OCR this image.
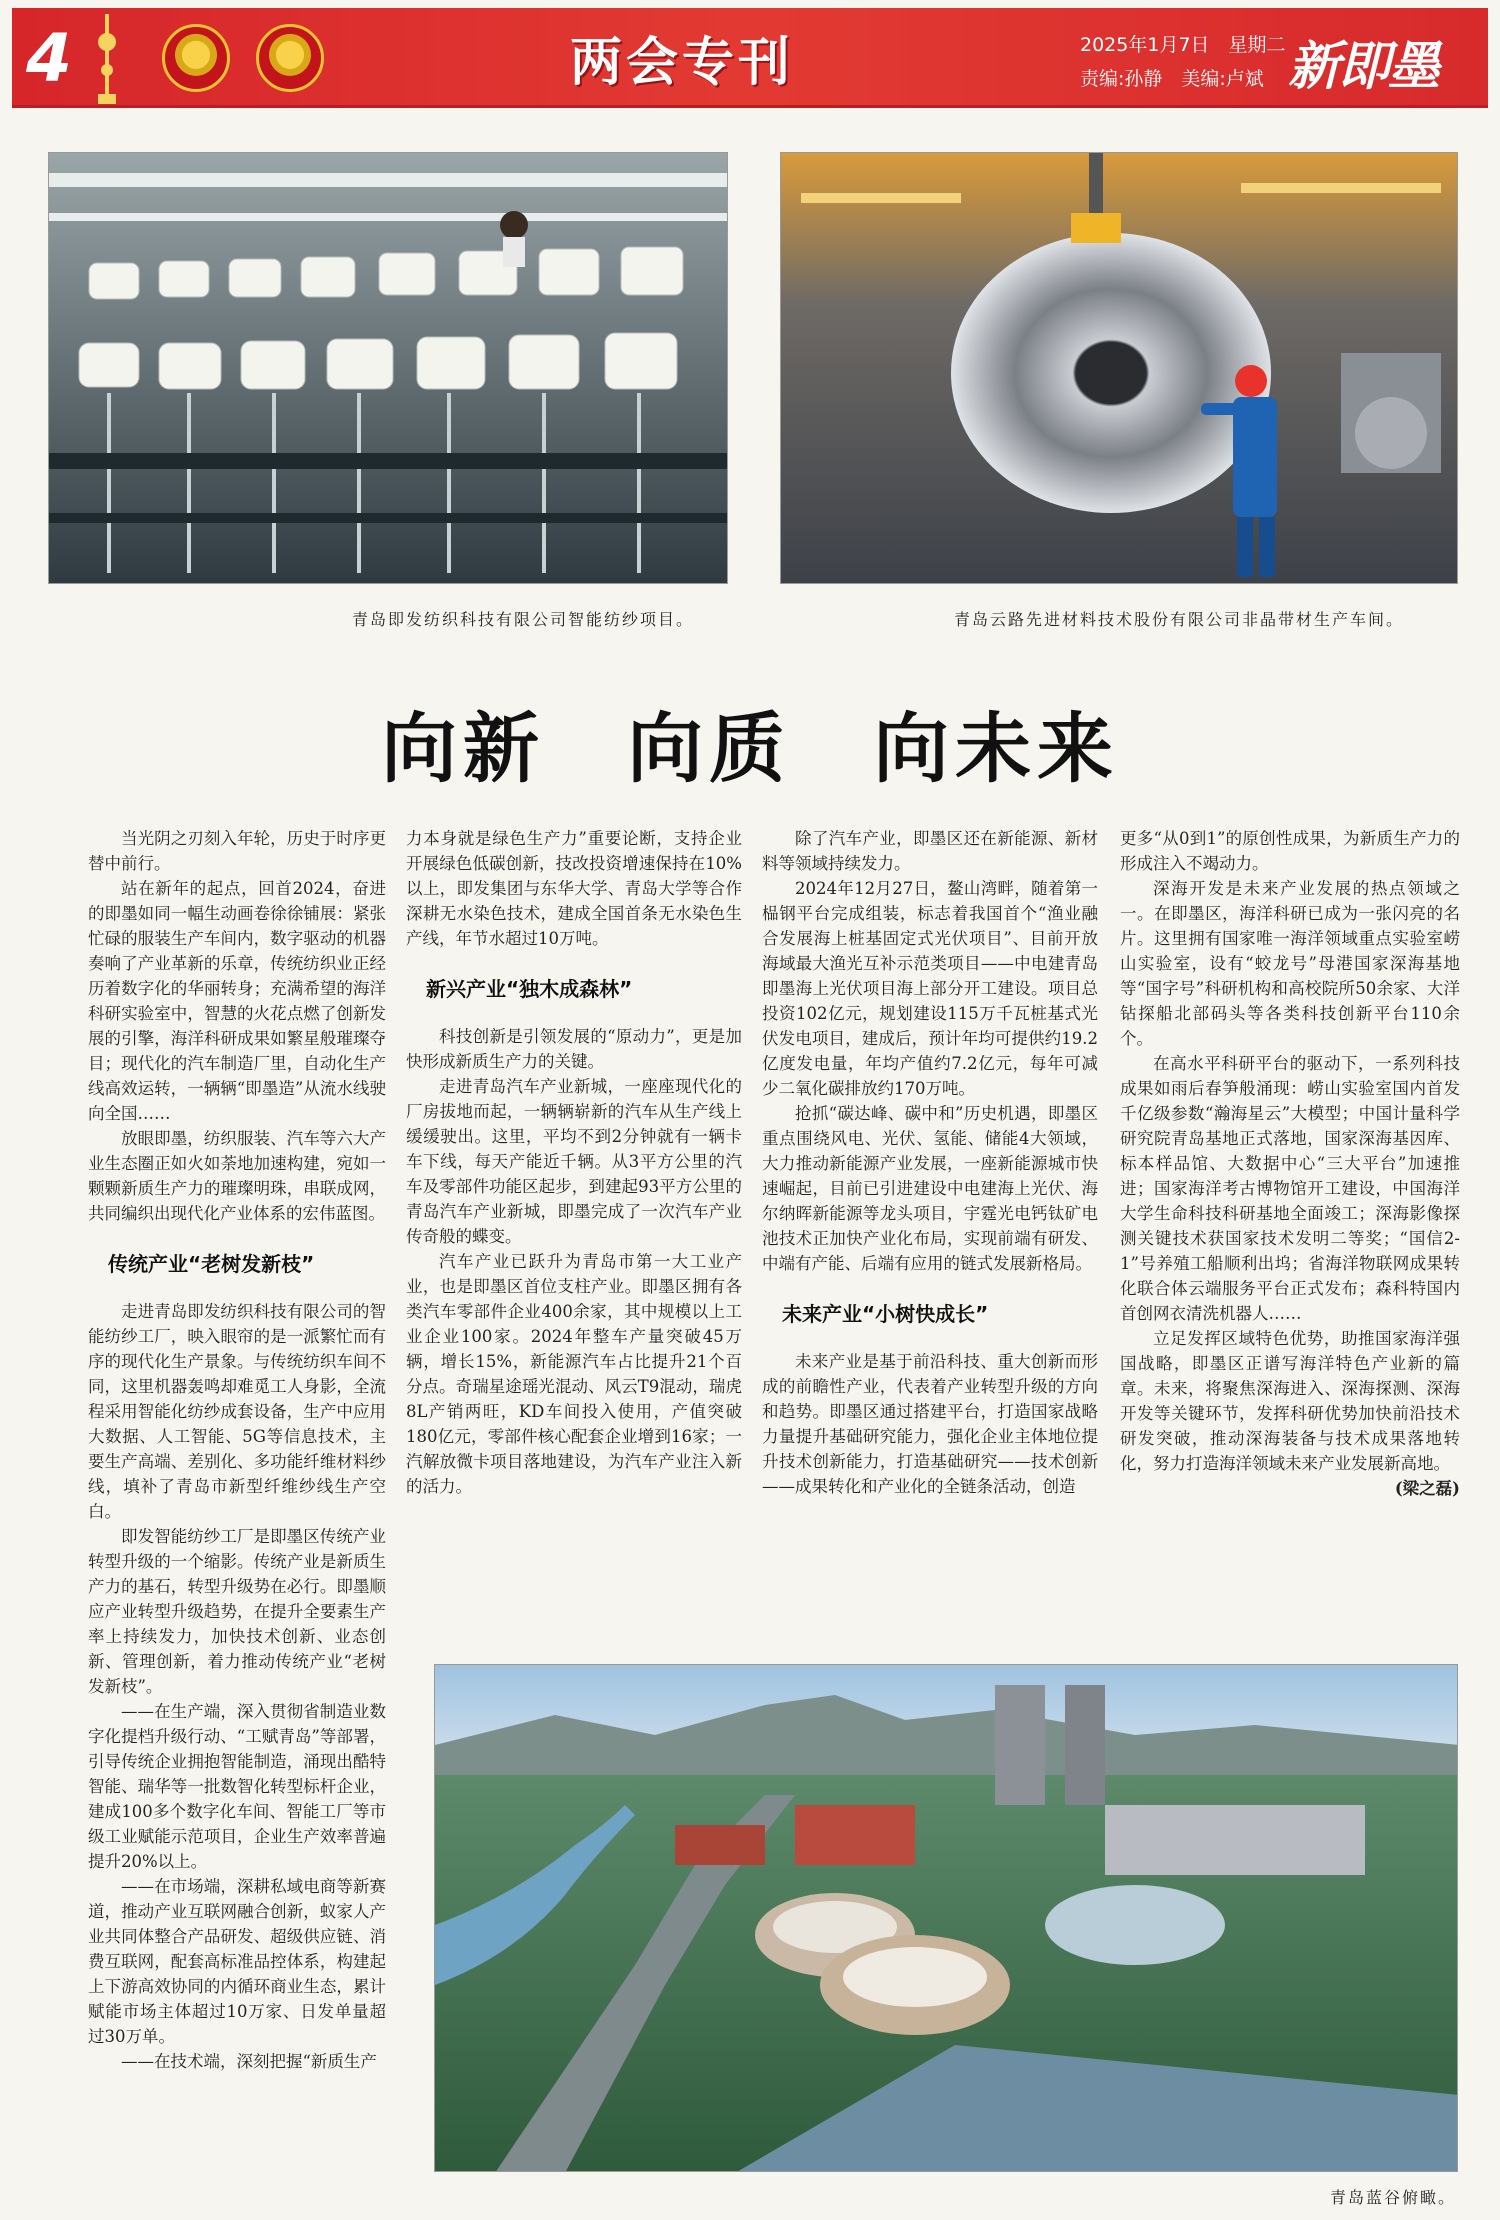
4	两会专刊	2025年1月7日　星期二
责编:孙静　美编:卢斌 新即墨
青岛即发纺织科技有限公司智能纺纱项目。	青岛云路先进材料技术股份有限公司非晶带材生产车间。
向新　向质　向未来

当光阴之刃刻入年轮，历史于时序更替中前行。

站在新年的起点，回首2024，奋进的即墨如同一幅生动画卷徐徐铺展：紧张忙碌的服装生产车间内，数字驱动的机器奏响了产业革新的乐章，传统纺织业正经历着数字化的华丽转身；充满希望的海洋科研实验室中，智慧的火花点燃了创新发展的引擎，海洋科研成果如繁星般璀璨夺目；现代化的汽车制造厂里，自动化生产线高效运转，一辆辆“即墨造”从流水线驶向全国……

放眼即墨，纺织服装、汽车等六大产业生态圈正如火如荼地加速构建，宛如一颗颗新质生产力的璀璨明珠，串联成网，共同编织出现代化产业体系的宏伟蓝图。

传统产业“老树发新枝”

走进青岛即发纺织科技有限公司的智能纺纱工厂，映入眼帘的是一派繁忙而有序的现代化生产景象。与传统纺织车间不同，这里机器轰鸣却难觅工人身影，全流程采用智能化纺纱成套设备，生产中应用大数据、人工智能、5G等信息技术，主要生产高端、差别化、多功能纤维材料纱线，填补了青岛市新型纤维纱线生产空白。

即发智能纺纱工厂是即墨区传统产业转型升级的一个缩影。传统产业是新质生产力的基石，转型升级势在必行。即墨顺应产业转型升级趋势，在提升全要素生产率上持续发力，加快技术创新、业态创新、管理创新，着力推动传统产业“老树发新枝”。

——在生产端，深入贯彻省制造业数字化提档升级行动、“工赋青岛”等部署，引导传统企业拥抱智能制造，涌现出酷特智能、瑞华等一批数智化转型标杆企业，建成100多个数字化车间、智能工厂等市级工业赋能示范项目，企业生产效率普遍提升20%以上。

——在市场端，深耕私域电商等新赛道，推动产业互联网融合创新，蚁家人产业共同体整合产品研发、超级供应链、消费互联网，配套高标准品控体系，构建起上下游高效协同的内循环商业生态，累计赋能市场主体超过10万家、日发单量超过30万单。

——在技术端，深刻把握“新质生产

力本身就是绿色生产力”重要论断，支持企业开展绿色低碳创新，技改投资增速保持在10%以上，即发集团与东华大学、青岛大学等合作深耕无水染色技术，建成全国首条无水染色生产线，年节水超过10万吨。

新兴产业“独木成森林”

科技创新是引领发展的“原动力”，更是加快形成新质生产力的关键。

走进青岛汽车产业新城，一座座现代化的厂房拔地而起，一辆辆崭新的汽车从生产线上缓缓驶出。这里，平均不到2分钟就有一辆卡车下线，每天产能近千辆。从3平方公里的汽车及零部件功能区起步，到建起93平方公里的青岛汽车产业新城，即墨完成了一次汽车产业传奇般的蝶变。

汽车产业已跃升为青岛市第一大工业产业，也是即墨区首位支柱产业。即墨区拥有各类汽车零部件企业400余家，其中规模以上工业企业100家。2024年整车产量突破45万辆，增长15%，新能源汽车占比提升21个百分点。奇瑞星途瑶光混动、风云T9混动，瑞虎8L产销两旺，KD车间投入使用，产值突破180亿元，零部件核心配套企业增到16家；一汽解放微卡项目落地建设，为汽车产业注入新的活力。

除了汽车产业，即墨区还在新能源、新材料等领域持续发力。

2024年12月27日，鳌山湾畔，随着第一榀钢平台完成组装，标志着我国首个“渔业融合发展海上桩基固定式光伏项目”、目前开放海域最大渔光互补示范类项目——中电建青岛即墨海上光伏项目海上部分开工建设。项目总投资102亿元，规划建设115万千瓦桩基式光伏发电项目，建成后，预计年均可提供约19.2亿度发电量，年均产值约7.2亿元，每年可减少二氧化碳排放约170万吨。

抢抓“碳达峰、碳中和”历史机遇，即墨区重点围绕风电、光伏、氢能、储能4大领域，大力推动新能源产业发展，一座新能源城市快速崛起，目前已引进建设中电建海上光伏、海尔纳晖新能源等龙头项目，宇霆光电钙钛矿电池技术正加快产业化布局，实现前端有研发、中端有产能、后端有应用的链式发展新格局。

未来产业“小树快成长”

未来产业是基于前沿科技、重大创新而形成的前瞻性产业，代表着产业转型升级的方向和趋势。即墨区通过搭建平台，打造国家战略力量提升基础研究能力，强化企业主体地位提升技术创新能力，打造基础研究——技术创新——成果转化和产业化的全链条活动，创造

更多“从0到1”的原创性成果，为新质生产力的形成注入不竭动力。

深海开发是未来产业发展的热点领域之一。在即墨区，海洋科研已成为一张闪亮的名片。这里拥有国家唯一海洋领域重点实验室崂山实验室，设有“蛟龙号”母港国家深海基地等“国字号”科研机构和高校院所50余家、大洋钻探船北部码头等各类科技创新平台110余个。

在高水平科研平台的驱动下，一系列科技成果如雨后春笋般涌现：崂山实验室国内首发千亿级参数“瀚海星云”大模型；中国计量科学研究院青岛基地正式落地，国家深海基因库、标本样品馆、大数据中心“三大平台”加速推进；国家海洋考古博物馆开工建设，中国海洋大学生命科技科研基地全面竣工；深海影像探测关键技术获国家技术发明二等奖；“国信2-1”号养殖工船顺利出坞；省海洋物联网成果转化联合体云端服务平台正式发布；森科特国内首创网衣清洗机器人……

立足发挥区域特色优势，助推国家海洋强国战略，即墨区正谱写海洋特色产业新的篇章。未来，将聚焦深海进入、深海探测、深海开发等关键环节，发挥科研优势加快前沿技术研发突破，推动深海装备与技术成果落地转化，努力打造海洋领域未来产业发展新高地。

(梁之磊)

青岛蓝谷俯瞰。
